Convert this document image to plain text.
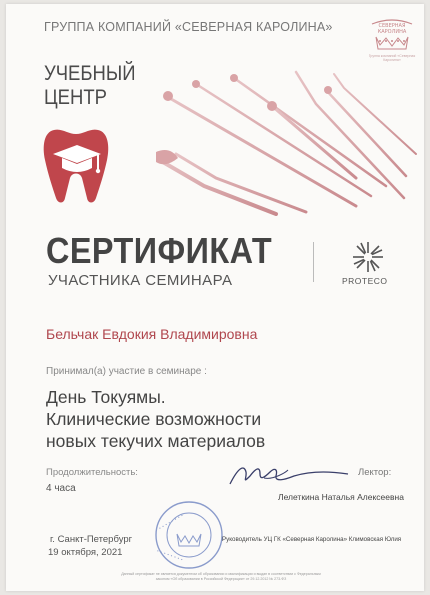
ГРУППА КОМПАНИЙ «СЕВЕРНАЯ КАРОЛИНА»	СЕВЕРНАЯ
КАРОЛИНА
Группа компаний «Северная Каролина»
УЧЕБНЫЙ
ЦЕНТР
СЕРТИФИКАТ
УЧАСТНИКА СЕМИНАРА	PROTECO
Бельчак Евдокия Владимировна
Принимал(а) участие в семинаре :
День Токуямы.
Клинические возможности
новых текучих материалов
Продолжительность:
4 часа
Лектор:
Лелеткина Наталья Алексеевна
г. Санкт-Петербург
19 октября, 2021
• • • • • • • •
• • • • • • • •
Руководитель УЦ ГК «Северная Каролина» Климовская Юлия
Данный сертификат не является документом об образовании и квалификации и выдан в соответствии с Федеральным законом «Об образовании в Российской Федерации» от 29.12.2012 № 273-ФЗ
